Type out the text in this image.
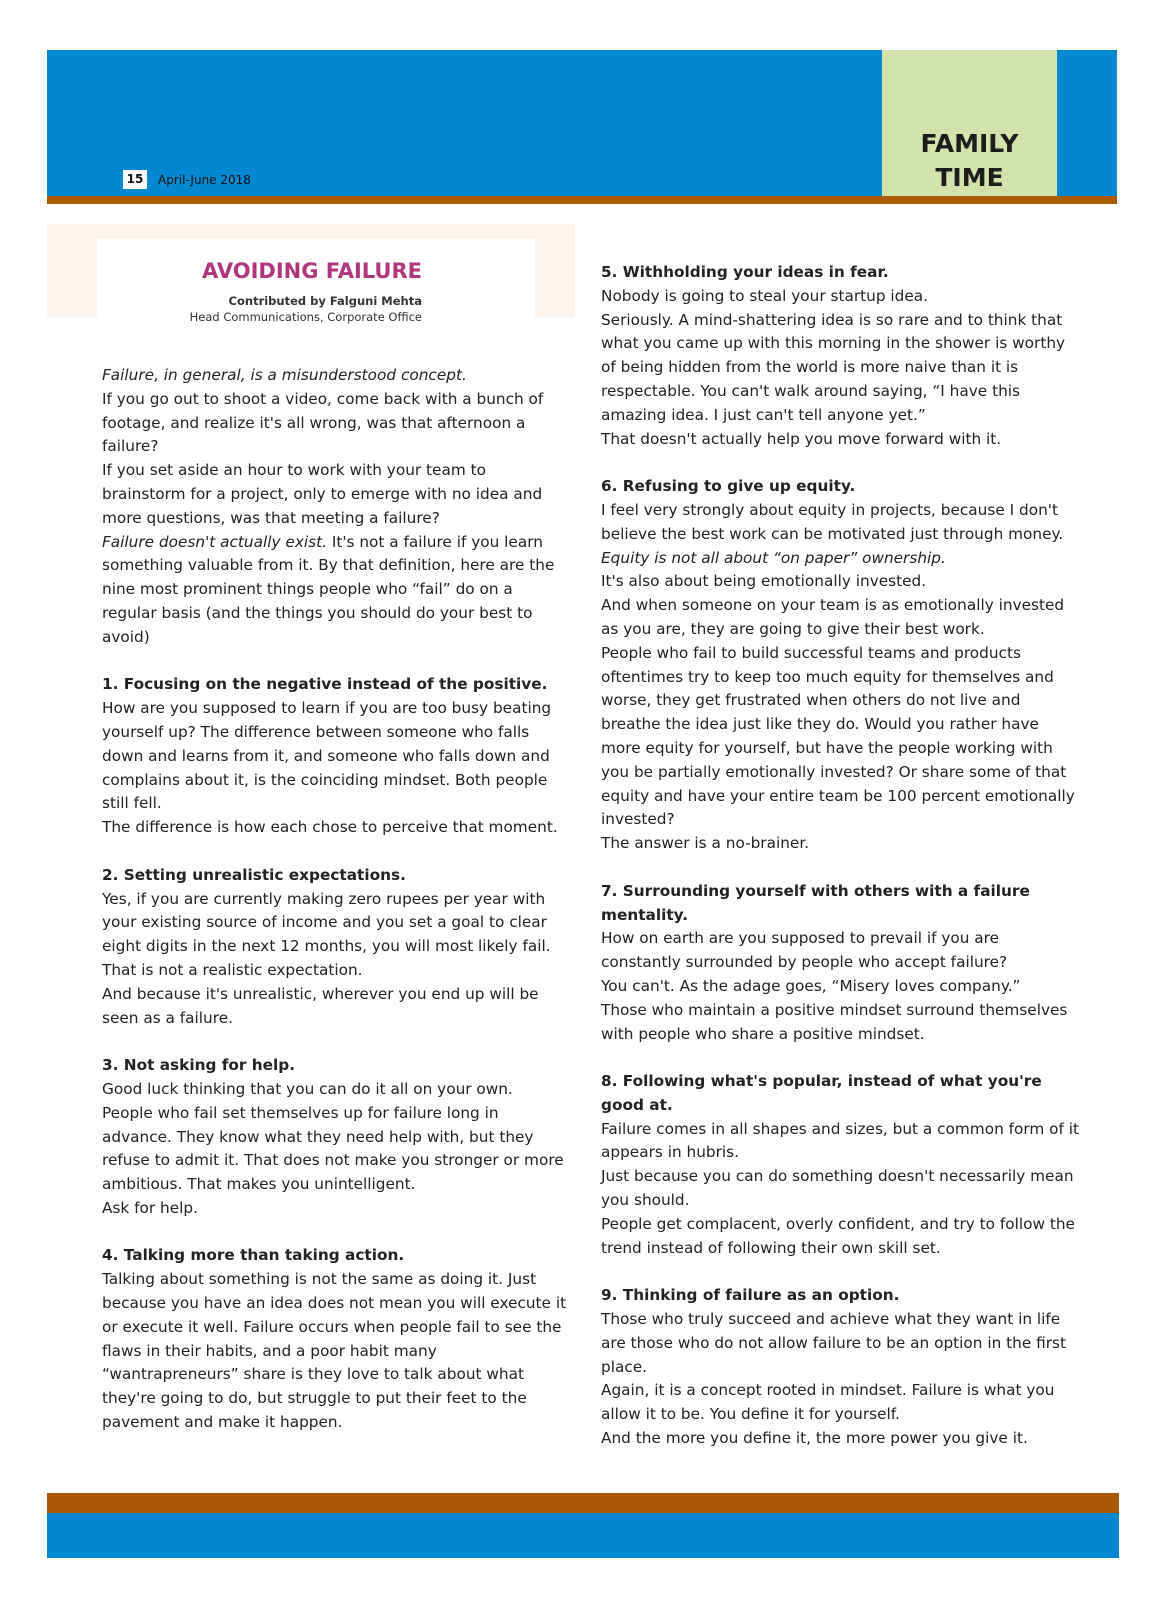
FAMILY
TIME
15	April-June 2018
AVOIDING FAILURE
Contributed by Falguni Mehta
Head Communications, Corporate Office

Failure, in general, is a misunderstood concept.

If you go out to shoot a video, come back with a bunch of footage, and realize it's all wrong, was that afternoon a failure?

If you set aside an hour to work with your team to brainstorm for a project, only to emerge with no idea and more questions, was that meeting a failure?

Failure doesn't actually exist. It's not a failure if you learn something valuable from it. By that definition, here are the nine most prominent things people who “fail” do on a regular basis (and the things you should do your best to avoid)

1. Focusing on the negative instead of the positive.

How are you supposed to learn if you are too busy beating yourself up? The difference between someone who falls down and learns from it, and someone who falls down and complains about it, is the coinciding mindset. Both people still fell.

The difference is how each chose to perceive that moment.

2. Setting unrealistic expectations.

Yes, if you are currently making zero rupees per year with your existing source of income and you set a goal to clear eight digits in the next 12 months, you will most likely fail.

That is not a realistic expectation.

And because it's unrealistic, wherever you end up will be seen as a failure.

3. Not asking for help.

Good luck thinking that you can do it all on your own.

People who fail set themselves up for failure long in advance. They know what they need help with, but they refuse to admit it. That does not make you stronger or more ambitious. That makes you unintelligent.

Ask for help.

4. Talking more than taking action.

Talking about something is not the same as doing it. Just because you have an idea does not mean you will execute it or execute it well. Failure occurs when people fail to see the flaws in their habits, and a poor habit many “wantrapreneurs” share is they love to talk about what they're going to do, but struggle to put their feet to the pavement and make it happen.

5. Withholding your ideas in fear.

Nobody is going to steal your startup idea.

Seriously. A mind-shattering idea is so rare and to think that what you came up with this morning in the shower is worthy of being hidden from the world is more naive than it is respectable. You can't walk around saying, “I have this amazing idea. I just can't tell anyone yet.”

That doesn't actually help you move forward with it.

6. Refusing to give up equity.

I feel very strongly about equity in projects, because I don't believe the best work can be motivated just through money.

Equity is not all about “on paper” ownership.

It's also about being emotionally invested.

And when someone on your team is as emotionally invested as you are, they are going to give their best work.

People who fail to build successful teams and products oftentimes try to keep too much equity for themselves and worse, they get frustrated when others do not live and breathe the idea just like they do. Would you rather have more equity for yourself, but have the people working with you be partially emotionally invested? Or share some of that equity and have your entire team be 100 percent emotionally invested?

The answer is a no-brainer.

7. Surrounding yourself with others with a failure mentality.

How on earth are you supposed to prevail if you are constantly surrounded by people who accept failure?

You can't. As the adage goes, “Misery loves company.”

Those who maintain a positive mindset surround themselves with people who share a positive mindset.

8. Following what's popular, instead of what you're good at.

Failure comes in all shapes and sizes, but a common form of it appears in hubris.

Just because you can do something doesn't necessarily mean you should.

People get complacent, overly confident, and try to follow the trend instead of following their own skill set.

9. Thinking of failure as an option.

Those who truly succeed and achieve what they want in life are those who do not allow failure to be an option in the first place.

Again, it is a concept rooted in mindset. Failure is what you allow it to be. You define it for yourself.

And the more you define it, the more power you give it.
